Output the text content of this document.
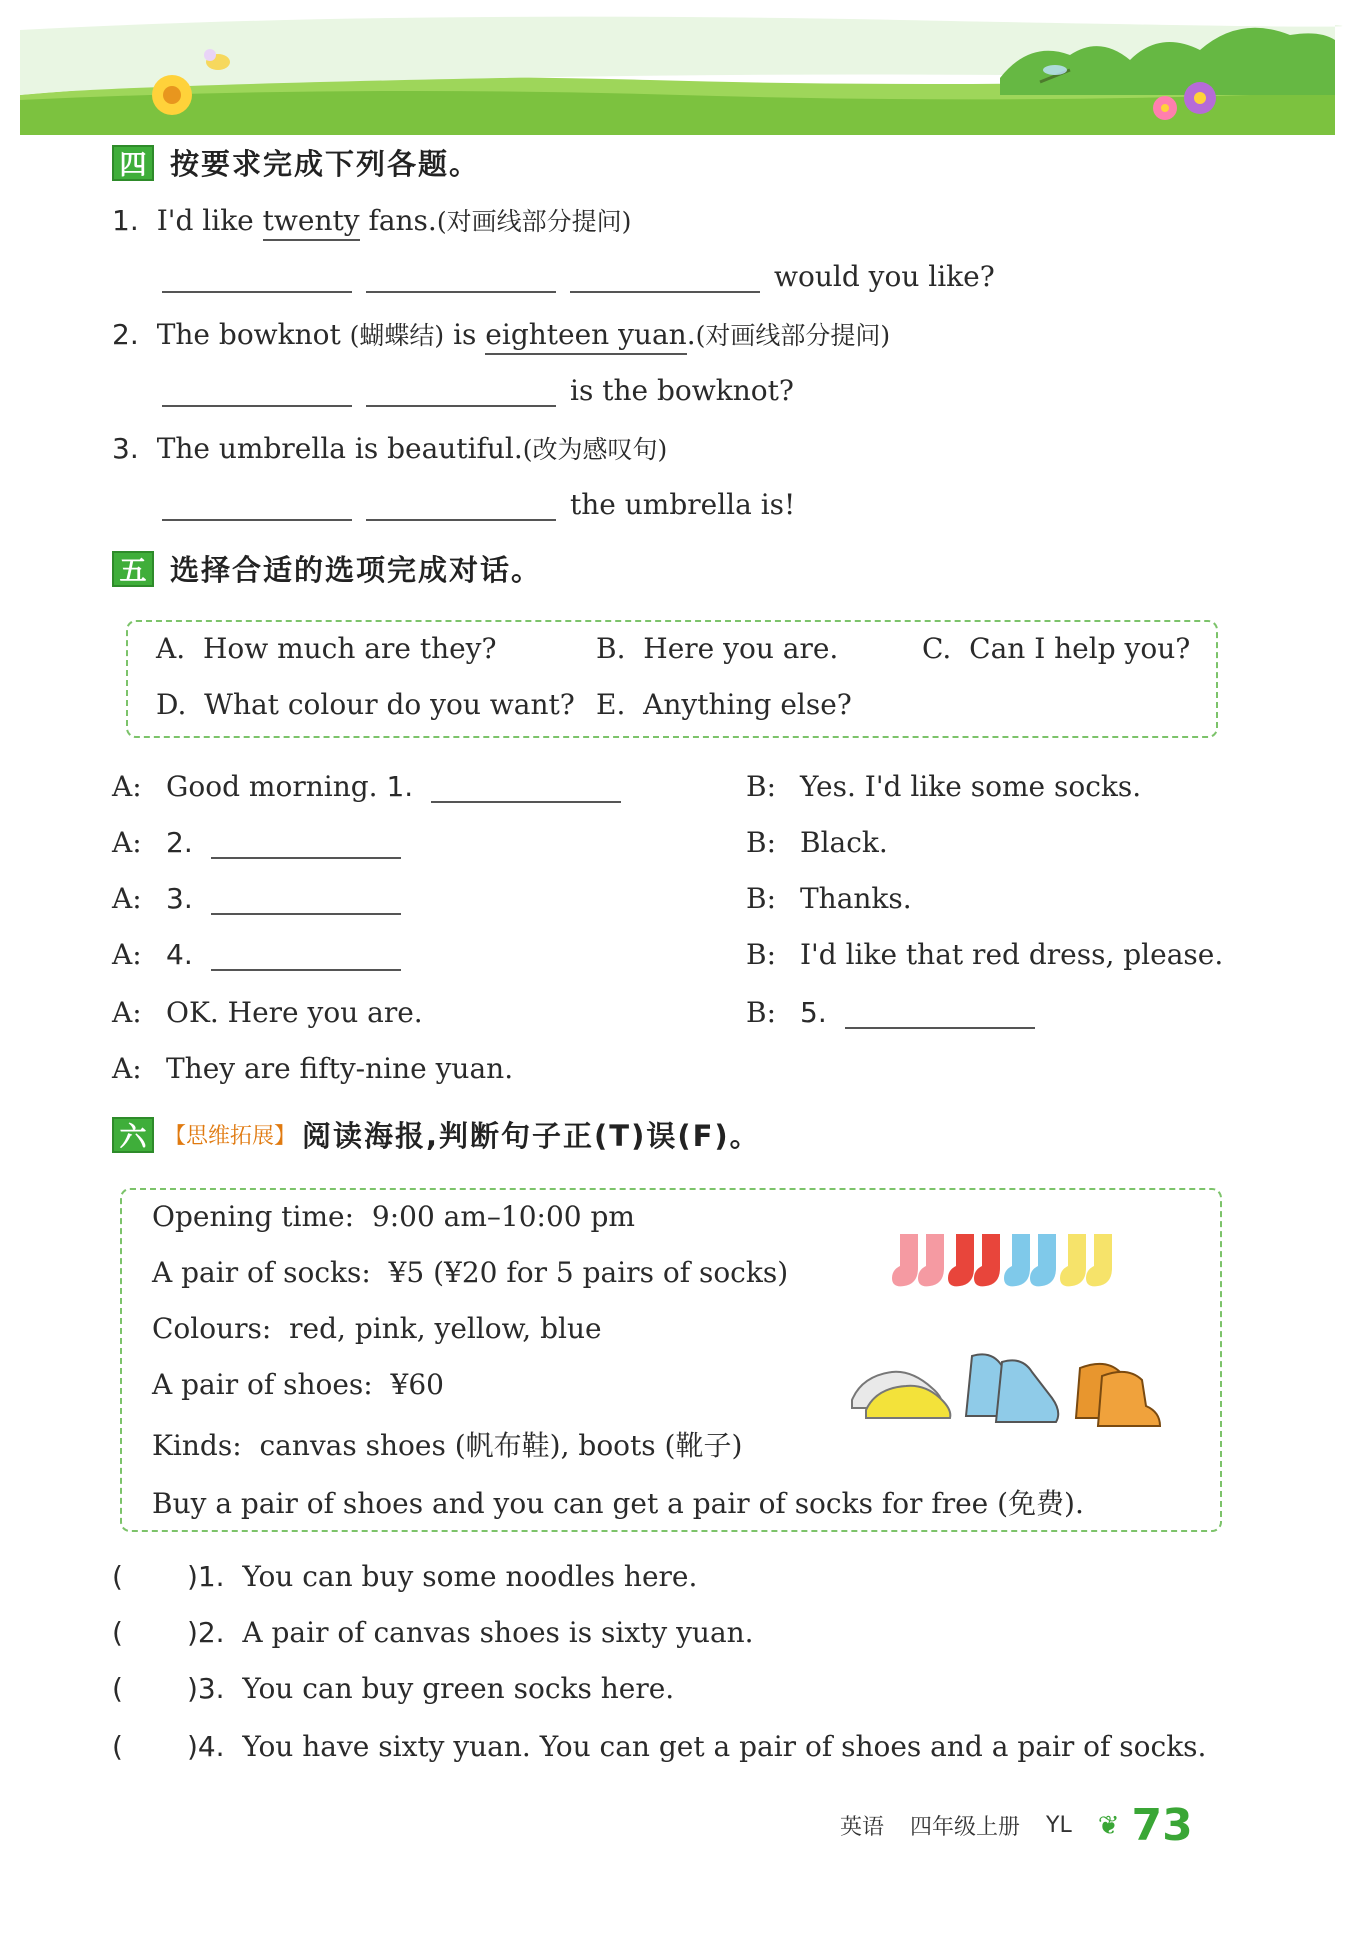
四 按要求完成下列各题。
1. I'd like twenty fans.(对画线部分提问)
would you like?
2. The bowknot (蝴蝶结) is eighteen yuan.(对画线部分提问)
is the bowknot?
3. The umbrella is beautiful.(改为感叹句)
the umbrella is!
五 选择合适的选项完成对话。
A. How much are they?	B. Here you are.	C. Can I help you?
D. What colour do you want? E. Anything else?
A: Good morning. 1.
A: 2.
A: 3.
A: 4.
A: OK. Here you are.
A: They are fifty-nine yuan.
B: Yes. I'd like some socks.
B: Black.
B: Thanks.
B: I'd like that red dress, please.
B: 5.
六 【思维拓展】 阅读海报,判断句子正(T)误(F)。
Opening time: 9:00 am–10:00 pm
A pair of socks: ¥5 (¥20 for 5 pairs of socks)
Colours: red, pink, yellow, blue
A pair of shoes: ¥60
Kinds: canvas shoes (帆布鞋), boots (靴子)
Buy a pair of shoes and you can get a pair of socks for free (免费).
( )1. You can buy some noodles here.
( )2. A pair of canvas shoes is sixty yuan.
( )3. You can buy green socks here.
( )4. You have sixty yuan. You can get a pair of shoes and a pair of socks.
英语 四年级上册 YL ❦ 73
